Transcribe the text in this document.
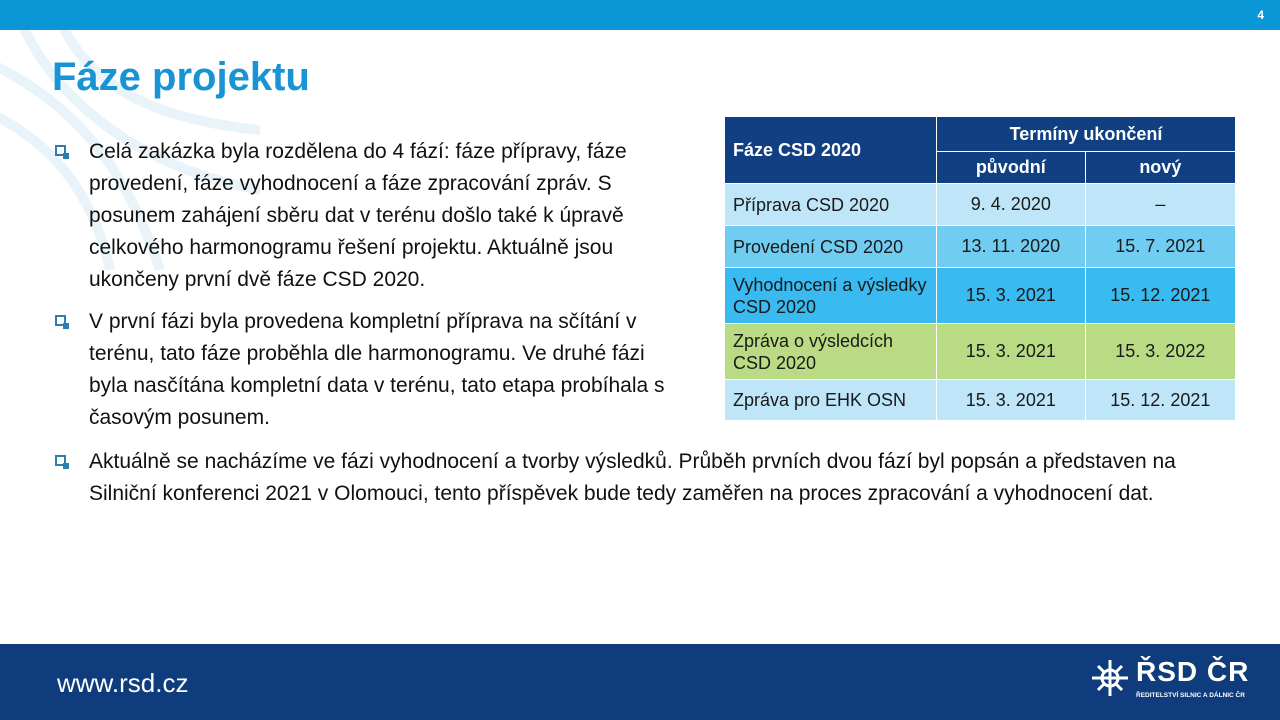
4
Fáze projektu
Celá zakázka byla rozdělena do 4 fází: fáze přípravy, fáze provedení, fáze vyhodnocení a fáze zpracování zpráv. S posunem zahájení sběru dat v terénu došlo také k úpravě celkového harmonogramu řešení projektu. Aktuálně jsou ukončeny první dvě fáze CSD 2020.
V první fázi byla provedena kompletní příprava na sčítání v terénu, tato fáze proběhla dle harmonogramu. Ve druhé fázi byla nasčítána kompletní data v terénu, tato etapa probíhala s časovým posunem.
Aktuálně se nacházíme ve fázi vyhodnocení a tvorby výsledků. Průběh prvních dvou fází byl popsán a představen na Silniční konferenci 2021 v Olomouci, tento příspěvek bude tedy zaměřen na proces zpracování a vyhodnocení dat.
Fáze CSD 2020	Termíny ukončení	
	původní	nový
Příprava CSD 2020	9. 4. 2020	–
Provedení CSD 2020	13. 11. 2020	15. 7. 2021
Vyhodnocení a výsledky CSD 2020	15. 3. 2021	15. 12. 2021
Zpráva o výsledcích CSD 2020	15. 3. 2021	15. 3. 2022
Zpráva pro EHK OSN	15. 3. 2021	15. 12. 2021
www.rsd.cz	ŘSD ČR
ŘEDITELSTVÍ SILNIC A DÁLNIC ČR
